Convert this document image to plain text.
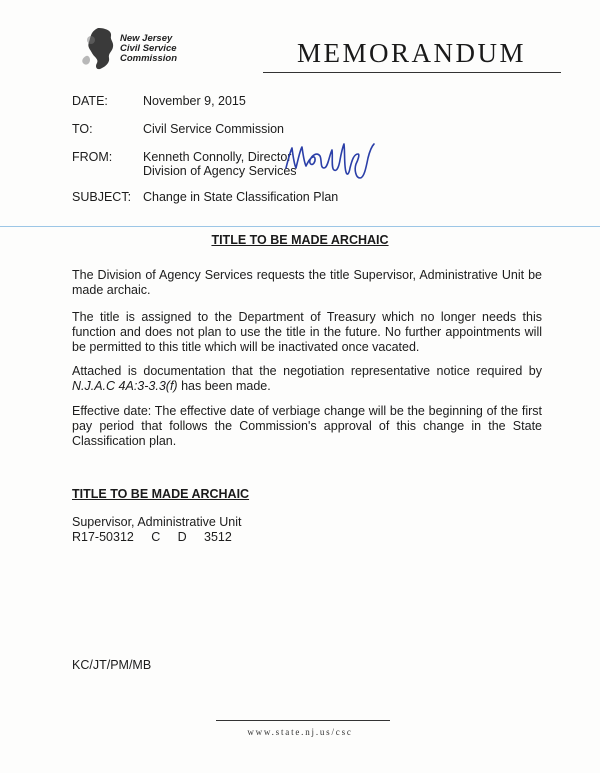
New Jersey
Civil Service
Commission	MEMORANDUM
DATE:	November 9, 2015
TO:	Civil Service Commission
FROM: Kenneth Connolly, Director
Division of Agency Services
SUBJECT: Change in State Classification Plan
TITLE TO BE MADE ARCHAIC
The Division of Agency Services requests the title Supervisor, Administrative Unit be made archaic.
The title is assigned to the Department of Treasury which no longer needs this function and does not plan to use the title in the future. No further appointments will be permitted to this title which will be inactivated once vacated.
Attached is documentation that the negotiation representative notice required by N.J.A.C 4A:3-3.3(f) has been made.
Effective date: The effective date of verbiage change will be the beginning of the first pay period that follows the Commission's approval of this change in the State Classification plan.
TITLE TO BE MADE ARCHAIC
Supervisor, Administrative Unit
R17-50312     C     D     3512
KC/JT/PM/MB
www.state.nj.us/csc
